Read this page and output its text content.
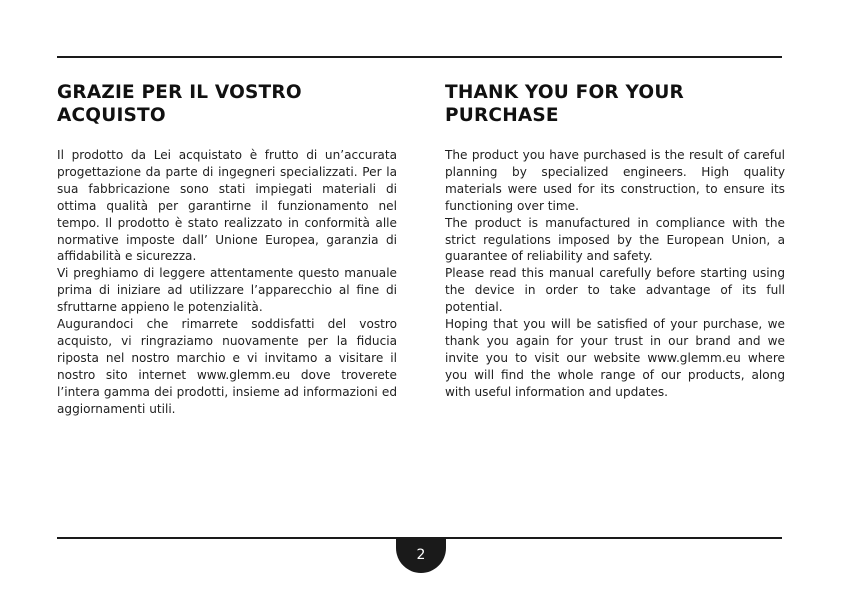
GRAZIE PER IL VOSTRO
ACQUISTO

Il prodotto da Lei acquistato è frutto di un’accurata progettazione da parte di ingegneri specializzati. Per la sua fabbricazione sono stati impiegati materiali di ottima qualità per garantirne il funzionamento nel tempo. Il prodotto è stato realizzato in conformità alle normative imposte dall’ Unione Europea, garanzia di affidabilità e sicurezza.

Vi preghiamo di leggere attentamente questo manuale prima di iniziare ad utilizzare l’apparecchio al fine di sfruttarne appieno le potenzialità.

Augurandoci che rimarrete soddisfatti del vostro acquisto, vi ringraziamo nuovamente per la fiducia riposta nel nostro marchio e vi invitamo a visitare il nostro sito internet www.glemm.eu dove troverete l’intera gamma dei prodotti, insieme ad informazioni ed aggiornamenti utili.

THANK YOU FOR YOUR
PURCHASE

The product you have purchased is the result of careful planning by specialized engineers. High quality materials were used for its construction, to ensure its functioning over time.

The product is manufactured in compliance with the strict regulations imposed by the European Union, a guarantee of reliability and safety.

Please read this manual carefully before starting using the device in order to take advantage of its full potential.

Hoping that you will be satisfied of your purchase, we thank you again for your trust in our brand and we invite you to visit our website www.glemm.eu where you will find the whole range of our products, along with useful information and updates.

2
